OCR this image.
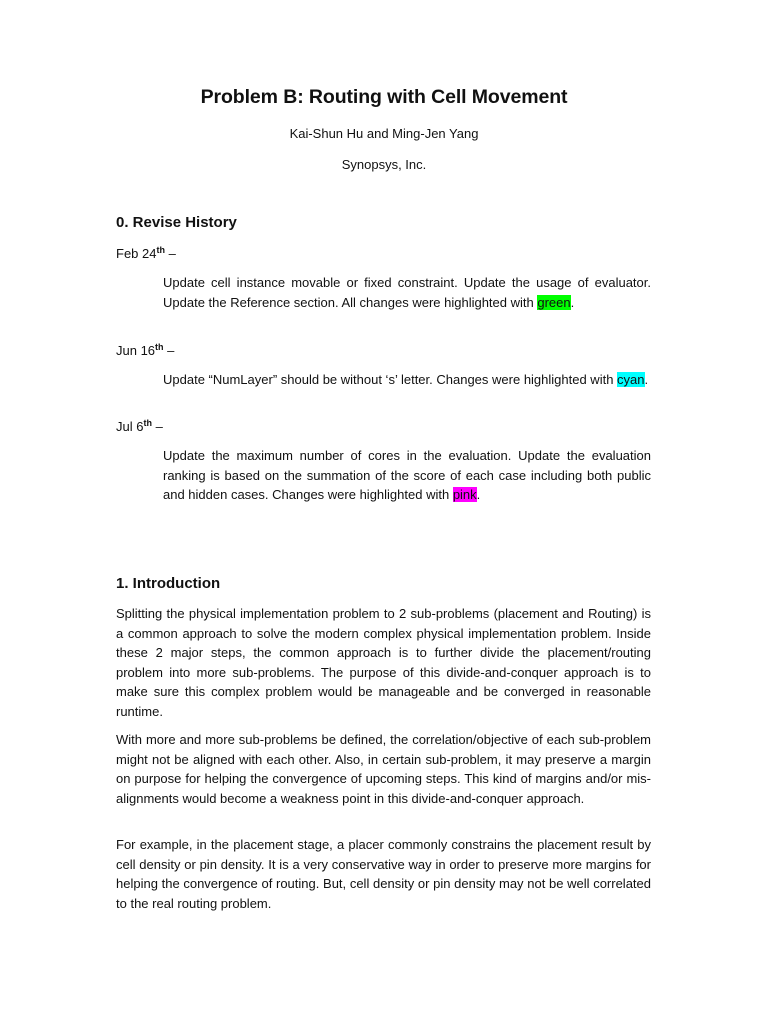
Problem B: Routing with Cell Movement
Kai-Shun Hu and Ming-Jen Yang
Synopsys, Inc.
0. Revise History
Feb 24th –

Update cell instance movable or fixed constraint. Update the usage of evaluator. Update the Reference section. All changes were highlighted with green.

Jun 16th –

Update “NumLayer” should be without ‘s’ letter. Changes were highlighted with cyan.

Jul 6th –

Update the maximum number of cores in the evaluation. Update the evaluation ranking is based on the summation of the score of each case including both public and hidden cases. Changes were highlighted with pink.

1. Introduction

Splitting the physical implementation problem to 2 sub-problems (placement and Routing) is a common approach to solve the modern complex physical implementation problem. Inside these 2 major steps, the common approach is to further divide the placement/routing problem into more sub-problems. The purpose of this divide-and-conquer approach is to make sure this complex problem would be manageable and be converged in reasonable runtime.

With more and more sub-problems be defined, the correlation/objective of each sub-problem might not be aligned with each other. Also, in certain sub-problem, it may preserve a margin on purpose for helping the convergence of upcoming steps. This kind of margins and/or mis-alignments would become a weakness point in this divide-and-conquer approach.

For example, in the placement stage, a placer commonly constrains the placement result by cell density or pin density. It is a very conservative way in order to preserve more margins for helping the convergence of routing. But, cell density or pin density may not be well correlated to the real routing problem.
